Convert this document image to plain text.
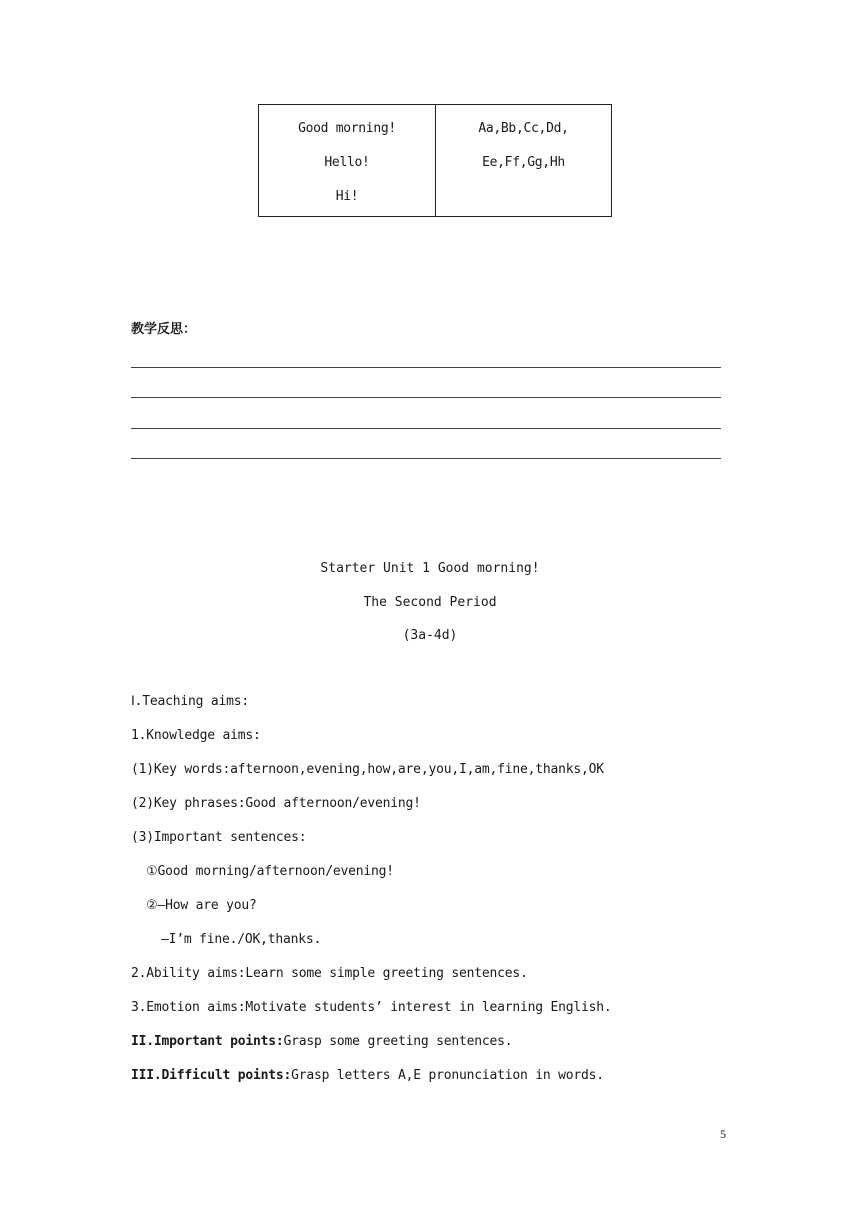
Good morning!
Hello!
Hi!
Aa,Bb,Cc,Dd,
Ee,Ff,Gg,Hh
教学反思：
Starter Unit 1 Good morning!
The Second Period
(3a-4d)
Ⅰ.Teaching aims:
1.Knowledge aims:
(1)Key words:afternoon,evening,how,are,you,I,am,fine,thanks,OK
(2)Key phrases:Good afternoon/evening!
(3)Important sentences:
①Good morning/afternoon/evening!
②—How are you?
—I’m fine./OK,thanks.
2.Ability aims:Learn some simple greeting sentences.
3.Emotion aims:Motivate students’ interest in learning English.
II.Important points:Grasp some greeting sentences.
III.Difficult points:Grasp letters A,E pronunciation in words.
5
